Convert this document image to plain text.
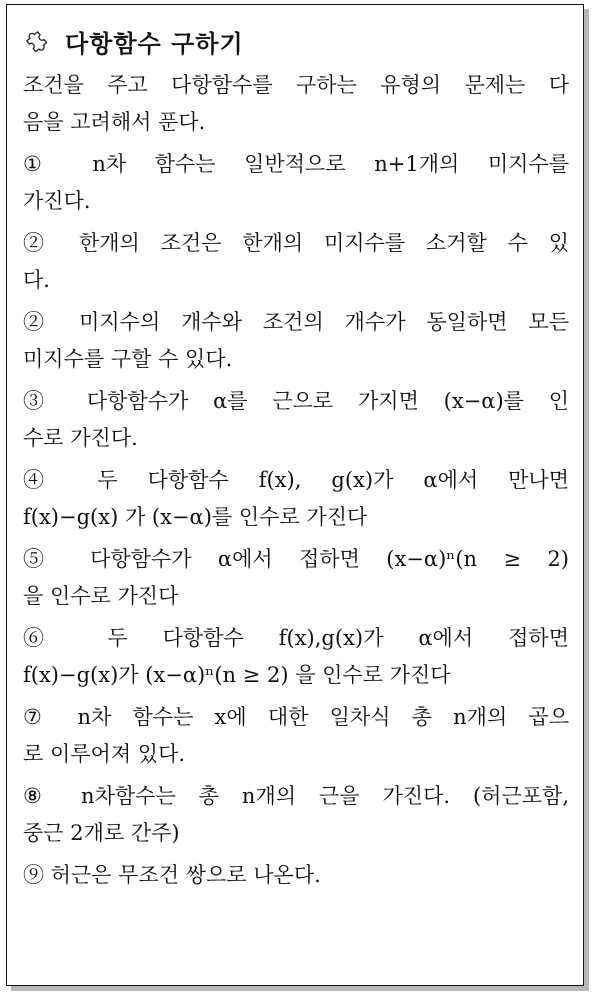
다항함수 구하기
조건을 주고 다항함수를 구하는 유형의 문제는 다
음을 고려해서 푼다.
① n차 함수는 일반적으로 n+1개의 미지수를
가진다.
② 한개의 조건은 한개의 미지수를 소거할 수 있
다.
② 미지수의 개수와 조건의 개수가 동일하면 모든
미지수를 구할 수 있다.
③ 다항함수가 α를 근으로 가지면 (x−α)를 인
수로 가진다.
④ 두 다항함수 f(x), g(x)가 α에서 만나면
f(x)−g(x) 가 (x−α)를 인수로 가진다
⑤ 다항함수가 α에서 접하면 (x−α)ⁿ(n ≥ 2)
을 인수로 가진다
⑥ 두 다항함수 f(x),g(x)가 α에서 접하면
f(x)−g(x)가 (x−α)ⁿ(n ≥ 2) 을 인수로 가진다
⑦ n차 함수는 x에 대한 일차식 총 n개의 곱으
로 이루어져 있다.
⑧ n차함수는 총 n개의 근을 가진다. (허근포함,
중근 2개로 간주)
⑨ 허근은 무조건 쌍으로 나온다.
